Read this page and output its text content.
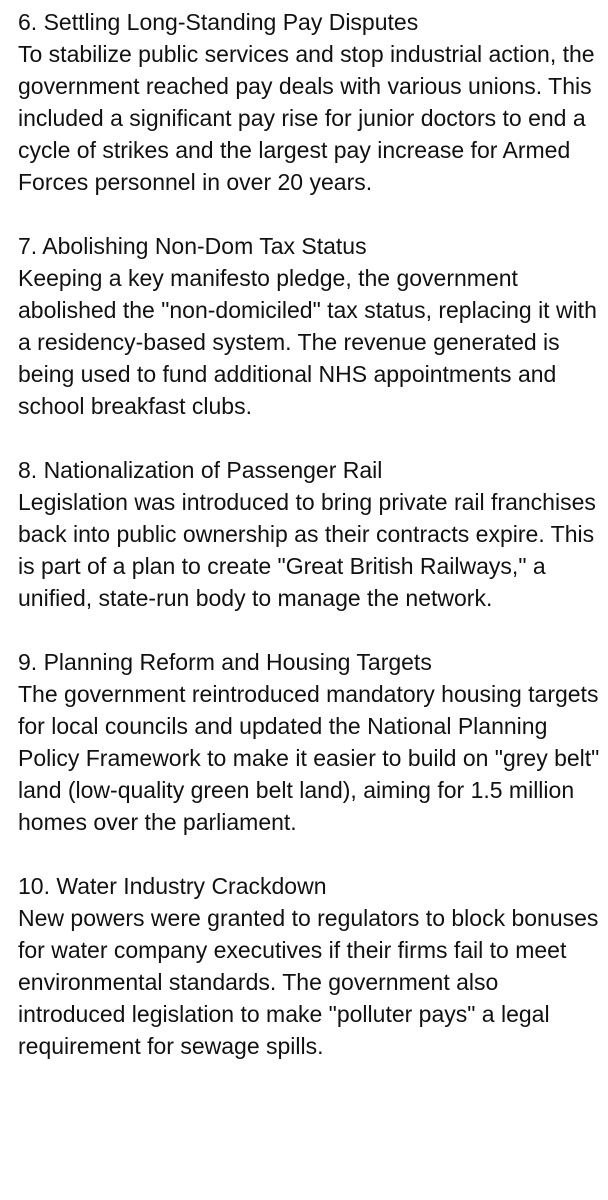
6. Settling Long-Standing Pay Disputes

To stabilize public services and stop industrial action, the government reached pay deals with various unions. This included a significant pay rise for junior doctors to end a cycle of strikes and the largest pay increase for Armed Forces personnel in over 20 years.

7. Abolishing Non-Dom Tax Status

Keeping a key manifesto pledge, the government abolished the "non-domiciled" tax status, replacing it with a residency-based system. The revenue generated is being used to fund additional NHS appointments and school breakfast clubs.

8. Nationalization of Passenger Rail

Legislation was introduced to bring private rail franchises back into public ownership as their contracts expire. This is part of a plan to create "Great British Railways," a unified, state-run body to manage the network.

9. Planning Reform and Housing Targets

The government reintroduced mandatory housing targets for local councils and updated the National Planning Policy Framework to make it easier to build on "grey belt" land (low-quality green belt land), aiming for 1.5 million homes over the parliament.

10. Water Industry Crackdown

New powers were granted to regulators to block bonuses for water company executives if their firms fail to meet environmental standards. The government also introduced legislation to make "polluter pays" a legal requirement for sewage spills.
